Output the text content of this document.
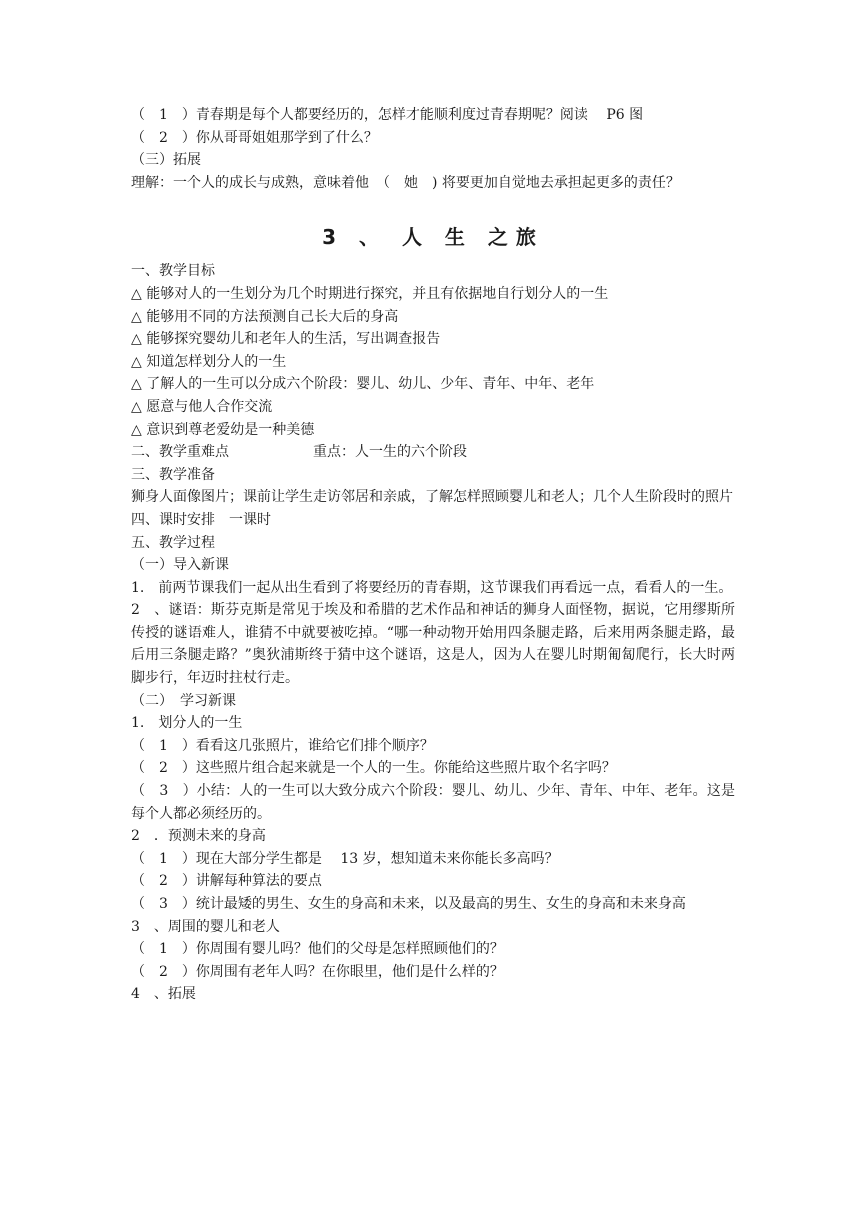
（　1　）青春期是每个人都要经历的，怎样才能顺利度过青春期呢？阅读　 P6 图
（　2　）你从哥哥姐姐那学到了什么？
（三）拓展
理解：一个人的成长与成熟，意味着他　（　她　) 将要更加自觉地去承担起更多的责任？
3 、 人 生 之旅
一、教学目标
△ 能够对人的一生划分为几个时期进行探究，并且有依据地自行划分人的一生
△ 能够用不同的方法预测自己长大后的身高
△ 能够探究婴幼儿和老年人的生活，写出调查报告
△ 知道怎样划分人的一生
△ 了解人的一生可以分成六个阶段：婴儿、幼儿、少年、青年、中年、老年
△ 愿意与他人合作交流
△ 意识到尊老爱幼是一种美德
二、教学重难点　　　　　　重点：人一生的六个阶段
三、教学准备
狮身人面像图片；课前让学生走访邻居和亲戚，了解怎样照顾婴儿和老人；几个人生阶段时的照片
四、课时安排　一课时
五、教学过程
（一）导入新课
1.　前两节课我们一起从出生看到了将要经历的青春期，这节课我们再看远一点，看看人的一生。
2　、谜语：斯芬克斯是常见于埃及和希腊的艺术作品和神话的狮身人面怪物，据说，它用缪斯所传授的谜语难人，谁猜不中就要被吃掉。“哪一种动物开始用四条腿走路，后来用两条腿走路，最后用三条腿走路？”奥狄浦斯终于猜中这个谜语，这是人，因为人在婴儿时期匍匐爬行，长大时两脚步行，年迈时拄杖行走。
（二）　学习新课
1.　划分人的一生
（　1　）看看这几张照片，谁给它们排个顺序？
（　2　）这些照片组合起来就是一个人的一生。你能给这些照片取个名字吗？
（　3　）小结：人的一生可以大致分成六个阶段：婴儿、幼儿、少年、青年、中年、老年。这是每个人都必须经历的。
2　．预测未来的身高
（　1　）现在大部分学生都是　 13 岁，想知道未来你能长多高吗？
（　2　）讲解每种算法的要点
（　3　）统计最矮的男生、女生的身高和未来，以及最高的男生、女生的身高和未来身高
3　、周围的婴儿和老人
（　1　）你周围有婴儿吗？他们的父母是怎样照顾他们的？
（　2　）你周围有老年人吗？在你眼里，他们是什么样的？
4　、拓展
